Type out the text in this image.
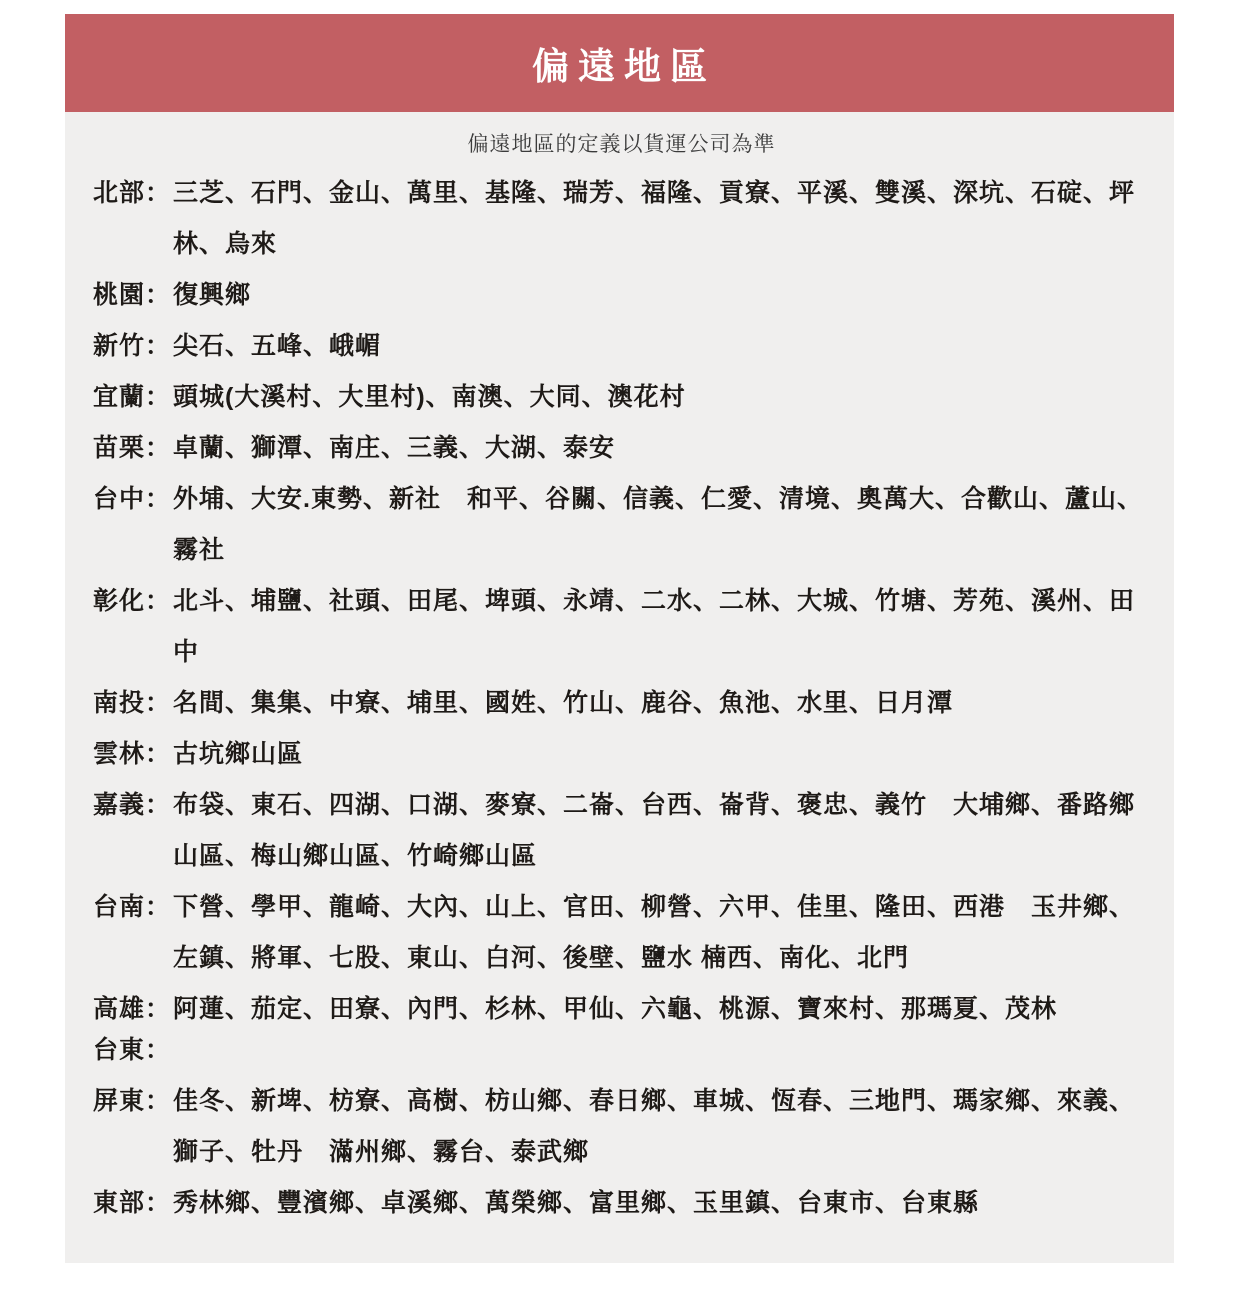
偏遠地區
偏遠地區的定義以貨運公司為準
北部： 三芝、石門、金山、萬里、基隆、瑞芳、福隆、貢寮、平溪、雙溪、深坑、石碇、坪林、烏來
桃園： 復興鄉
新竹： 尖石、五峰、峨嵋
宜蘭： 頭城(大溪村、大里村)、南澳、大同、澳花村
苗栗： 卓蘭、獅潭、南庄、三義、大湖、泰安
台中： 外埔、大安.東勢、新社　和平、谷關、信義、仁愛、清境、奧萬大、合歡山、蘆山、霧社
彰化： 北斗、埔鹽、社頭、田尾、埤頭、永靖、二水、二林、大城、竹塘、芳苑、溪州、田中
南投： 名間、集集、中寮、埔里、國姓、竹山、鹿谷、魚池、水里、日月潭
雲林： 古坑鄉山區
嘉義： 布袋、東石、四湖、口湖、麥寮、二崙、台西、崙背、褒忠、義竹　大埔鄉、番路鄉山區、梅山鄉山區、竹崎鄉山區
台南： 下營、學甲、龍崎、大內、山上、官田、柳營、六甲、佳里、隆田、西港　玉井鄉、左鎮、將軍、七股、東山、白河、後壁、鹽水 楠西、南化、北門
高雄： 阿蓮、茄定、田寮、內門、杉林、甲仙、六龜、桃源、寶來村、那瑪夏、茂林
台東：
屏東： 佳冬、新埤、枋寮、高樹、枋山鄉、春日鄉、車城、恆春、三地門、瑪家鄉、來義、獅子、牡丹　滿州鄉、霧台、泰武鄉
東部： 秀林鄉、豐濱鄉、卓溪鄉、萬榮鄉、富里鄉、玉里鎮、台東市、台東縣
